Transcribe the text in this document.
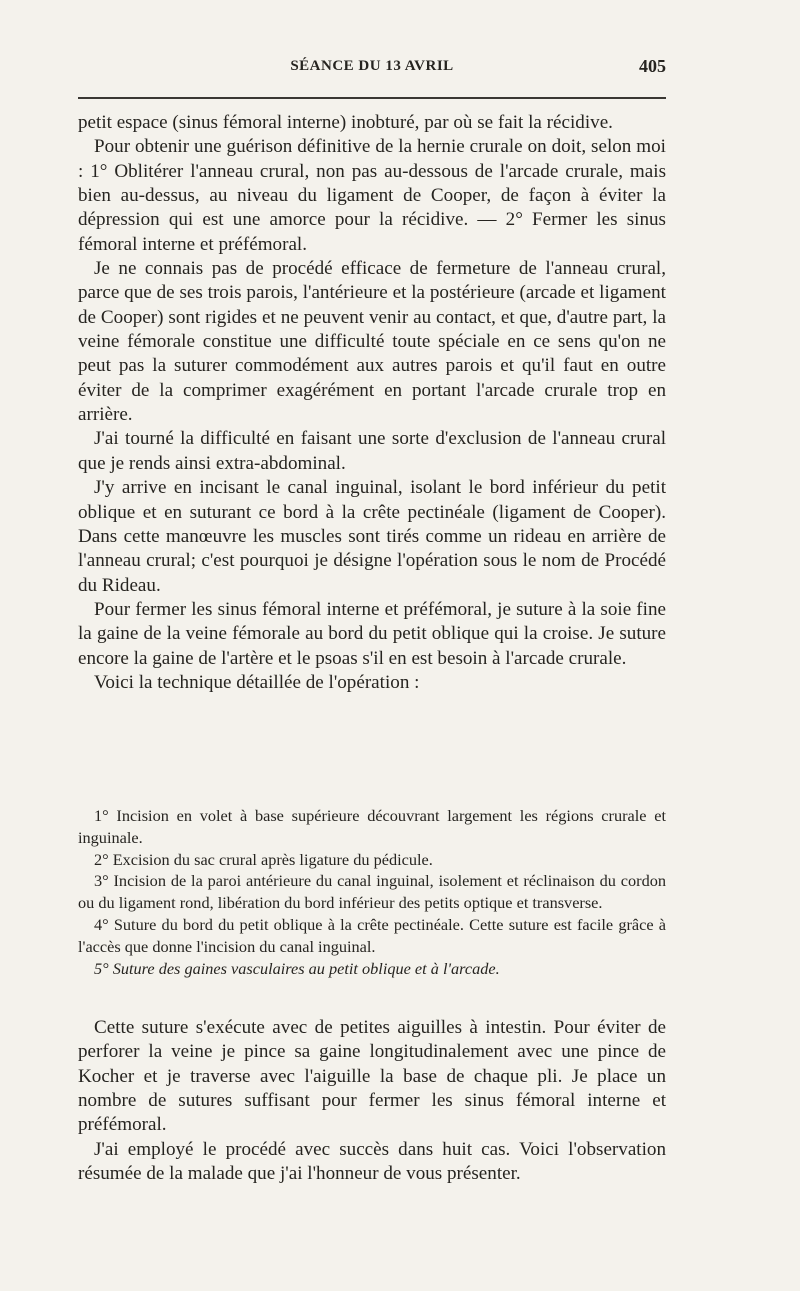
SÉANCE DU 13 AVRIL	405

petit espace (sinus fémoral interne) inobturé, par où se fait la récidive.

Pour obtenir une guérison définitive de la hernie crurale on doit, selon moi : 1° Oblitérer l'anneau crural, non pas au-dessous de l'arcade crurale, mais bien au-dessus, au niveau du ligament de Cooper, de façon à éviter la dépression qui est une amorce pour la récidive. — 2° Fermer les sinus fémoral interne et préfémoral.

Je ne connais pas de procédé efficace de fermeture de l'anneau crural, parce que de ses trois parois, l'antérieure et la postérieure (arcade et ligament de Cooper) sont rigides et ne peuvent venir au contact, et que, d'autre part, la veine fémorale constitue une difficulté toute spéciale en ce sens qu'on ne peut pas la suturer commodément aux autres parois et qu'il faut en outre éviter de la comprimer exagérément en portant l'arcade crurale trop en arrière.

J'ai tourné la difficulté en faisant une sorte d'exclusion de l'anneau crural que je rends ainsi extra-abdominal.

J'y arrive en incisant le canal inguinal, isolant le bord inférieur du petit oblique et en suturant ce bord à la crête pectinéale (ligament de Cooper). Dans cette manœuvre les muscles sont tirés comme un rideau en arrière de l'anneau crural; c'est pourquoi je désigne l'opération sous le nom de Procédé du Rideau.

Pour fermer les sinus fémoral interne et préfémoral, je suture à la soie fine la gaine de la veine fémorale au bord du petit oblique qui la croise. Je suture encore la gaine de l'artère et le psoas s'il en est besoin à l'arcade crurale.

Voici la technique détaillée de l'opération :

1° Incision en volet à base supérieure découvrant largement les régions crurale et inguinale.

2° Excision du sac crural après ligature du pédicule.

3° Incision de la paroi antérieure du canal inguinal, isolement et réclinaison du cordon ou du ligament rond, libération du bord inférieur des petits optique et transverse.

4° Suture du bord du petit oblique à la crête pectinéale. Cette suture est facile grâce à l'accès que donne l'incision du canal inguinal.

5° Suture des gaines vasculaires au petit oblique et à l'arcade.

Cette suture s'exécute avec de petites aiguilles à intestin. Pour éviter de perforer la veine je pince sa gaine longitudinalement avec une pince de Kocher et je traverse avec l'aiguille la base de chaque pli. Je place un nombre de sutures suffisant pour fermer les sinus fémoral interne et préfémoral.

J'ai employé le procédé avec succès dans huit cas. Voici l'observation résumée de la malade que j'ai l'honneur de vous présenter.
